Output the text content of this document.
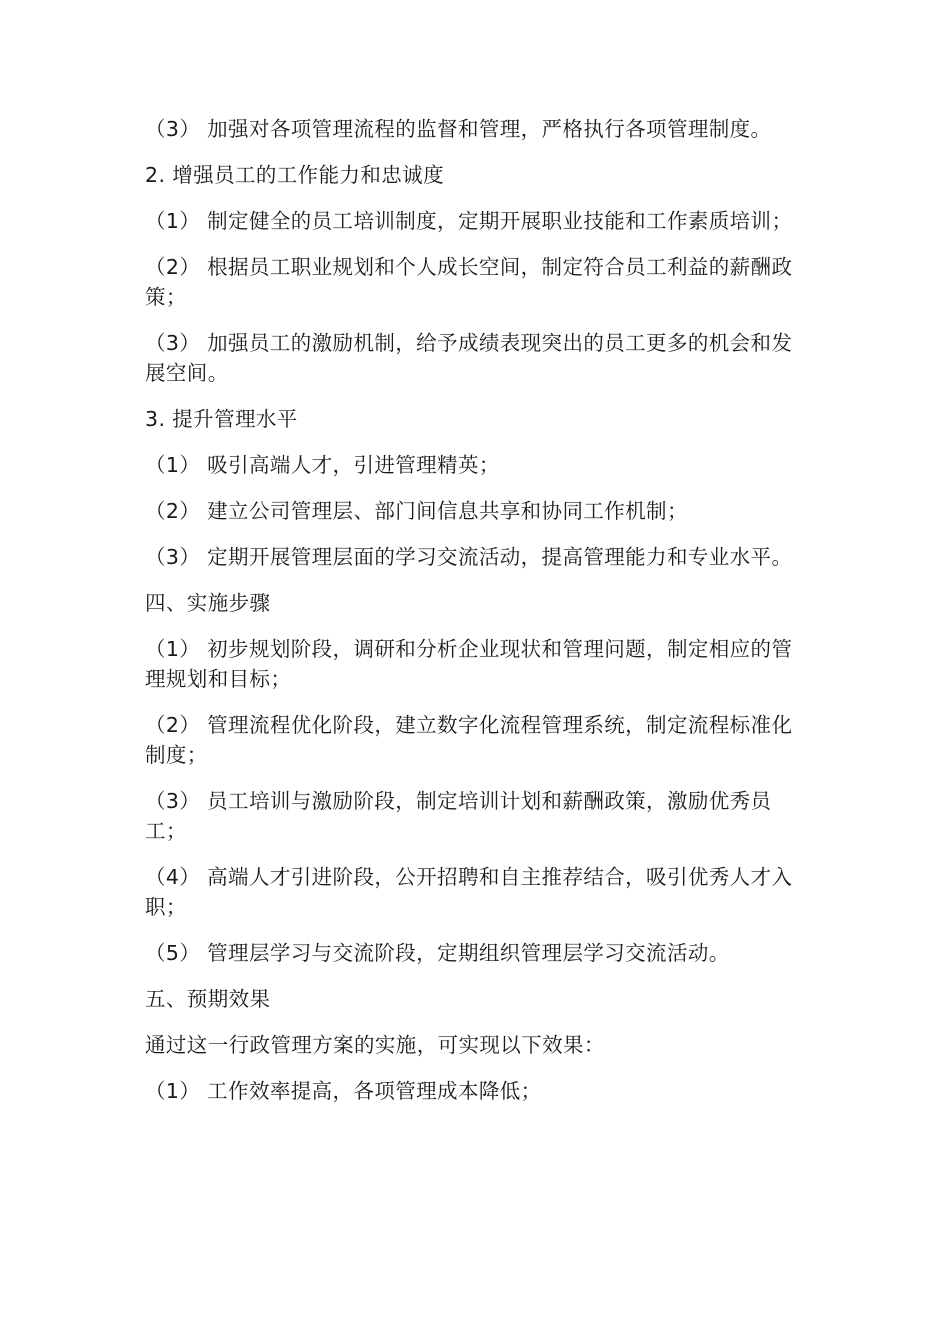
（3） 加强对各项管理流程的监督和管理，严格执行各项管理制度。

2. 增强员工的工作能力和忠诚度

（1） 制定健全的员工培训制度，定期开展职业技能和工作素质培训；

（2） 根据员工职业规划和个人成长空间，制定符合员工利益的薪酬政策；

（3） 加强员工的激励机制，给予成绩表现突出的员工更多的机会和发展空间。

3. 提升管理水平

（1） 吸引高端人才，引进管理精英；

（2） 建立公司管理层、部门间信息共享和协同工作机制；

（3） 定期开展管理层面的学习交流活动，提高管理能力和专业水平。

四、实施步骤

（1） 初步规划阶段，调研和分析企业现状和管理问题，制定相应的管理规划和目标；

（2） 管理流程优化阶段，建立数字化流程管理系统，制定流程标准化制度；

（3） 员工培训与激励阶段，制定培训计划和薪酬政策，激励优秀员工；

（4） 高端人才引进阶段，公开招聘和自主推荐结合，吸引优秀人才入职；

（5） 管理层学习与交流阶段，定期组织管理层学习交流活动。

五、预期效果

通过这一行政管理方案的实施，可实现以下效果：

（1） 工作效率提高，各项管理成本降低；
